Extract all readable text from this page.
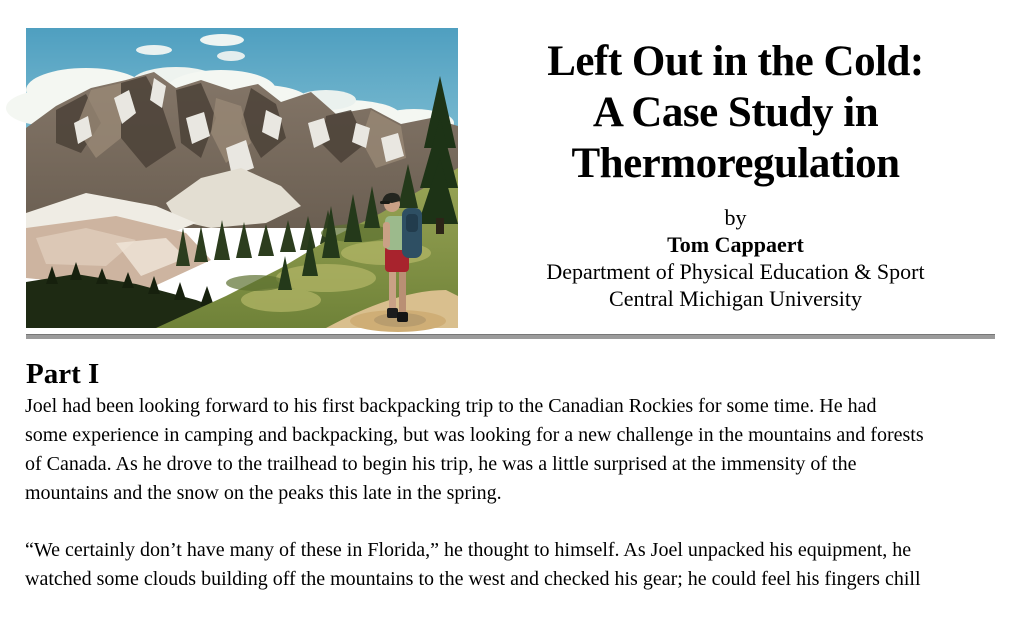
Left Out in the Cold:
A Case Study in
Thermoregulation
by
Tom Cappaert
Department of Physical Education & Sport
Central Michigan University
Part I
Joel had been looking forward to his first backpacking trip to the Canadian Rockies for some time. He had
some experience in camping and backpacking, but was looking for a new challenge in the mountains and forests
of Canada. As he drove to the trailhead to begin his trip, he was a little surprised at the immensity of the
mountains and the snow on the peaks this late in the spring.
“We certainly don’t have many of these in Florida,” he thought to himself. As Joel unpacked his equipment, he
watched some clouds building off the mountains to the west and checked his gear; he could feel his fingers chill
